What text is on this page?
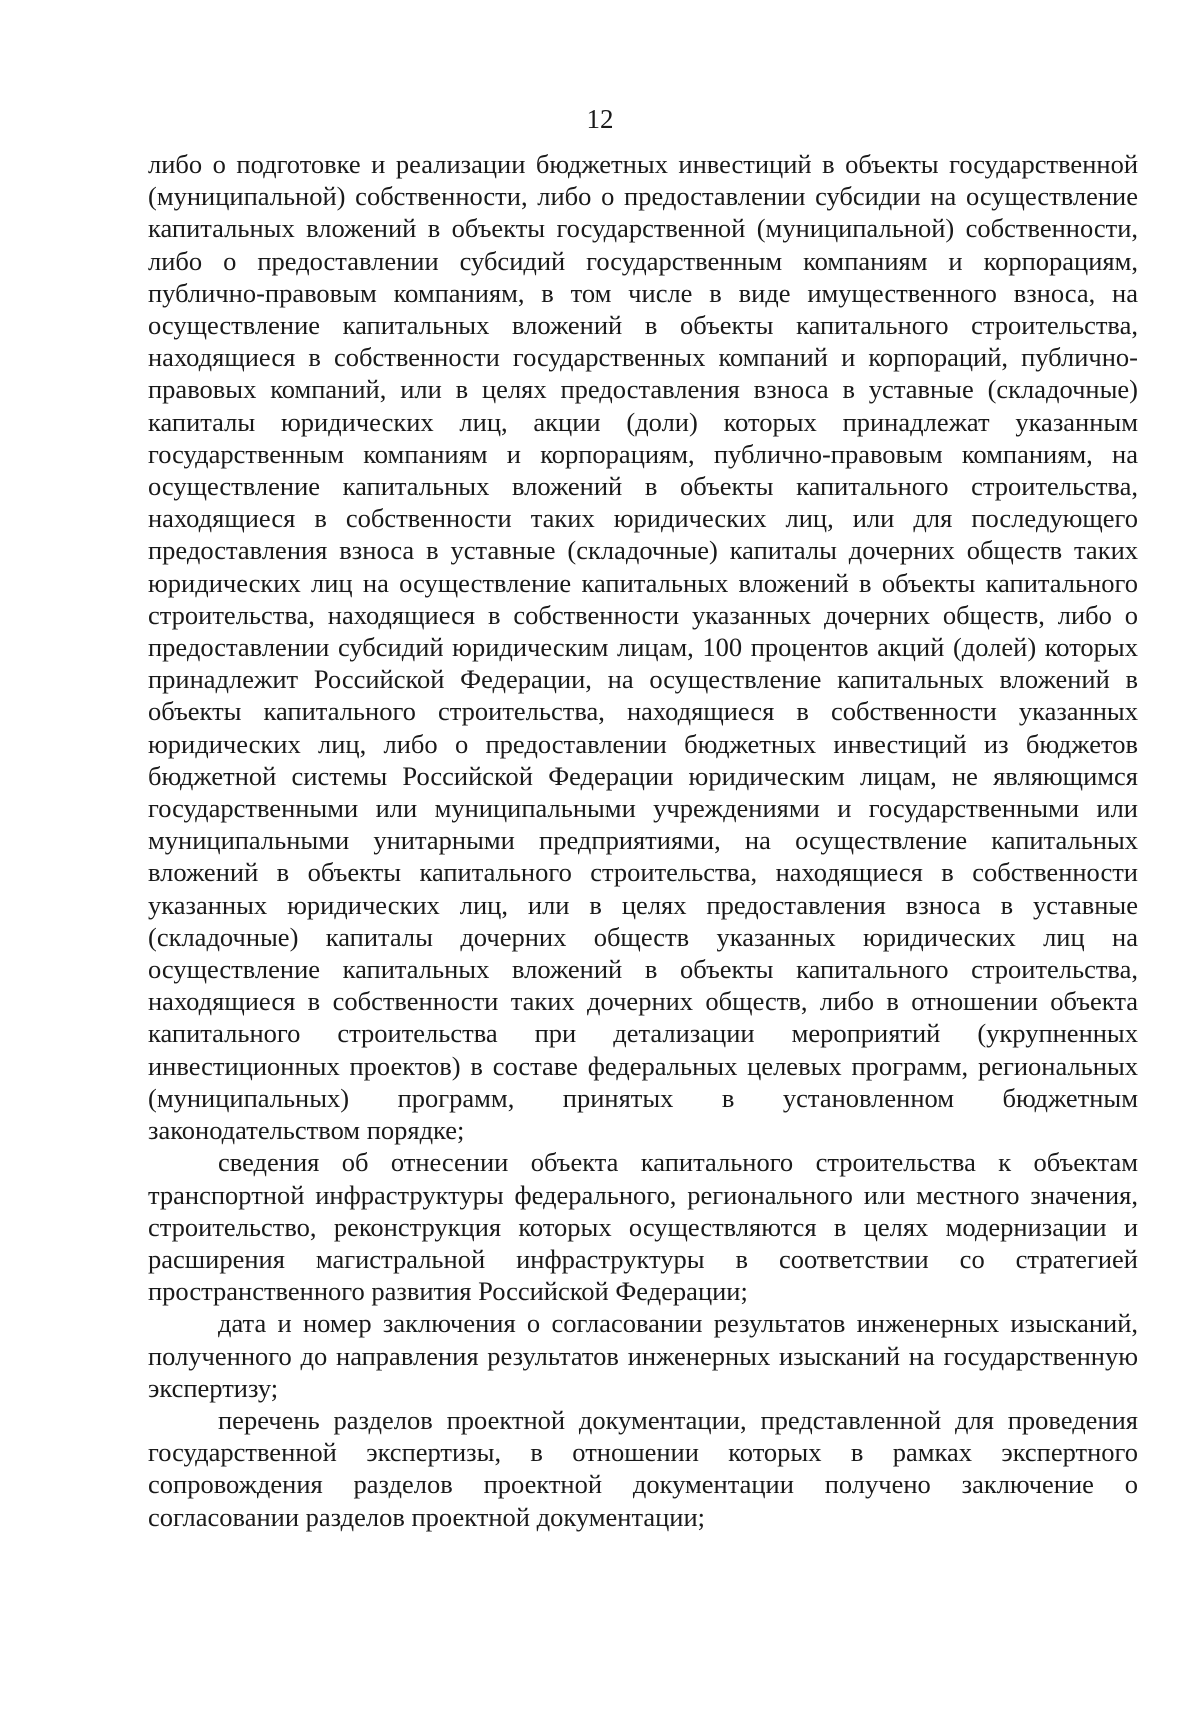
12

либо о подготовке и реализации бюджетных инвестиций в объекты государственной (муниципальной) собственности, либо о предоставлении субсидии на осуществление капитальных вложений в объекты государственной (муниципальной) собственности, либо о предоставлении субсидий государственным компаниям и корпорациям, публично-правовым компаниям, в том числе в виде имущественного взноса, на осуществление капитальных вложений в объекты капитального строительства, находящиеся в собственности государственных компаний и корпораций, публично-правовых компаний, или в целях предоставления взноса в уставные (складочные) капиталы юридических лиц, акции (доли) которых принадлежат указанным государственным компаниям и корпорациям, публично-правовым компаниям, на осуществление капитальных вложений в объекты капитального строительства, находящиеся в собственности таких юридических лиц, или для последующего предоставления взноса в уставные (складочные) капиталы дочерних обществ таких юридических лиц на осуществление капитальных вложений в объекты капитального строительства, находящиеся в собственности указанных дочерних обществ, либо о предоставлении субсидий юридическим лицам, 100 процентов акций (долей) которых принадлежит Российской Федерации, на осуществление капитальных вложений в объекты капитального строительства, находящиеся в собственности указанных юридических лиц, либо о предоставлении бюджетных инвестиций из бюджетов бюджетной системы Российской Федерации юридическим лицам, не являющимся государственными или муниципальными учреждениями и государственными или муниципальными унитарными предприятиями, на осуществление капитальных вложений в объекты капитального строительства, находящиеся в собственности указанных юридических лиц, или в целях предоставления взноса в уставные (складочные) капиталы дочерних обществ указанных юридических лиц на осуществление капитальных вложений в объекты капитального строительства, находящиеся в собственности таких дочерних обществ, либо в отношении объекта капитального строительства при детализации мероприятий (укрупненных инвестиционных проектов) в составе федеральных целевых программ, региональных (муниципальных) программ, принятых в установленном бюджетным законодательством порядке;

сведения об отнесении объекта капитального строительства к объектам транспортной инфраструктуры федерального, регионального или местного значения, строительство, реконструкция которых осуществляются в целях модернизации и расширения магистральной инфраструктуры в соответствии со стратегией пространственного развития Российской Федерации;

дата и номер заключения о согласовании результатов инженерных изысканий, полученного до направления результатов инженерных изысканий на государственную экспертизу;

перечень разделов проектной документации, представленной для проведения государственной экспертизы, в отношении которых в рамках экспертного сопровождения разделов проектной документации получено заключение о согласовании разделов проектной документации;
